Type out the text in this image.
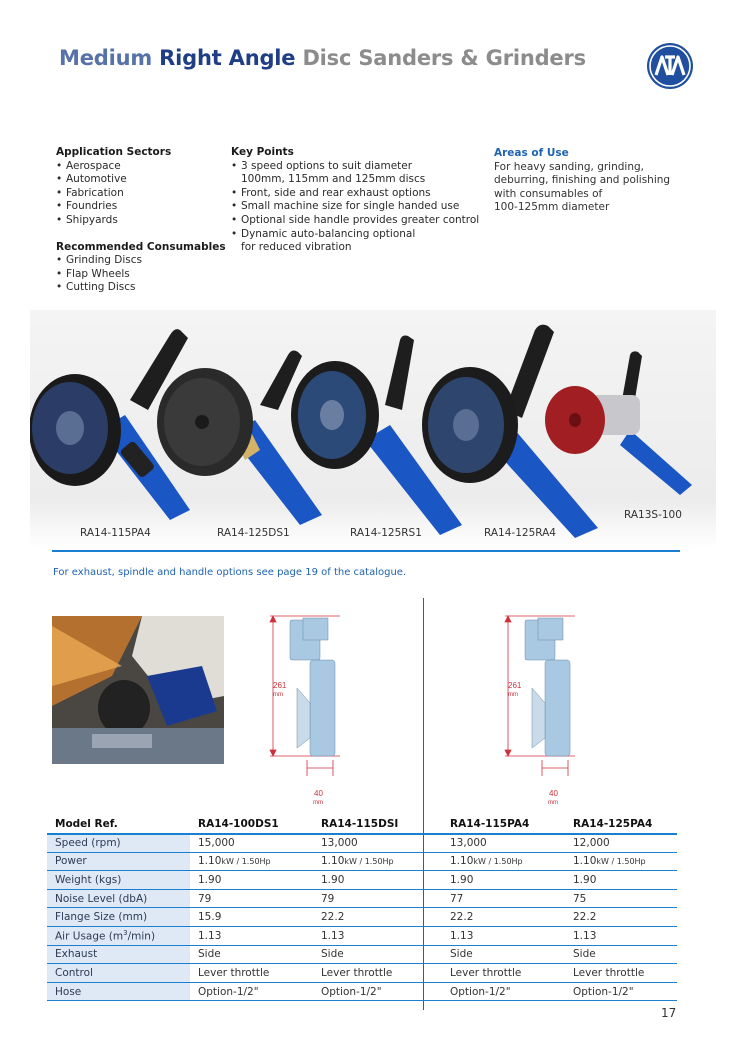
Medium Right Angle Disc Sanders & Grinders
Application Sectors
• Aerospace
• Automotive
• Fabrication
• Foundries
• Shipyards
Recommended Consumables
• Grinding Discs
• Flap Wheels
• Cutting Discs
Key Points
• 3 speed options to suit diameter
100mm, 115mm and 125mm discs
• Front, side and rear exhaust options
• Small machine size for single handed use
• Optional side handle provides greater control
• Dynamic auto-balancing optional
for reduced vibration
Areas of Use
For heavy sanding, grinding,
deburring, finishing and polishing
with consumables of
100-125mm diameter
RA14-115PA4	RA14-125DS1	RA14-125RS1	RA14-125RA4
RA13S-100
For exhaust, spindle and handle options see page 19 of the catalogue.
261
mm
40
mm
261
mm
40
mm
Model Ref.	RA14-100DS1	RA14-115DSI	RA14-115PA4	RA14-125PA4
Speed (rpm)	15,000	13,000	13,000	12,000
Power	1.10kW / 1.50Hp	1.10kW / 1.50Hp	1.10kW / 1.50Hp	1.10kW / 1.50Hp
Weight (kgs)	1.90	1.90	1.90	1.90
Noise Level (dbA)	79	79	77	75
Flange Size (mm)	15.9	22.2	22.2	22.2
Air Usage $(m^3/\min)$	1.13	1.13	1.13	1.13
Exhaust	Side	Side	Side	Side
Control	Lever throttle	Lever throttle	Lever throttle	Lever throttle
Hose	Option-1/2"	Option-1/2"	Option-1/2"	Option-1/2"
17
